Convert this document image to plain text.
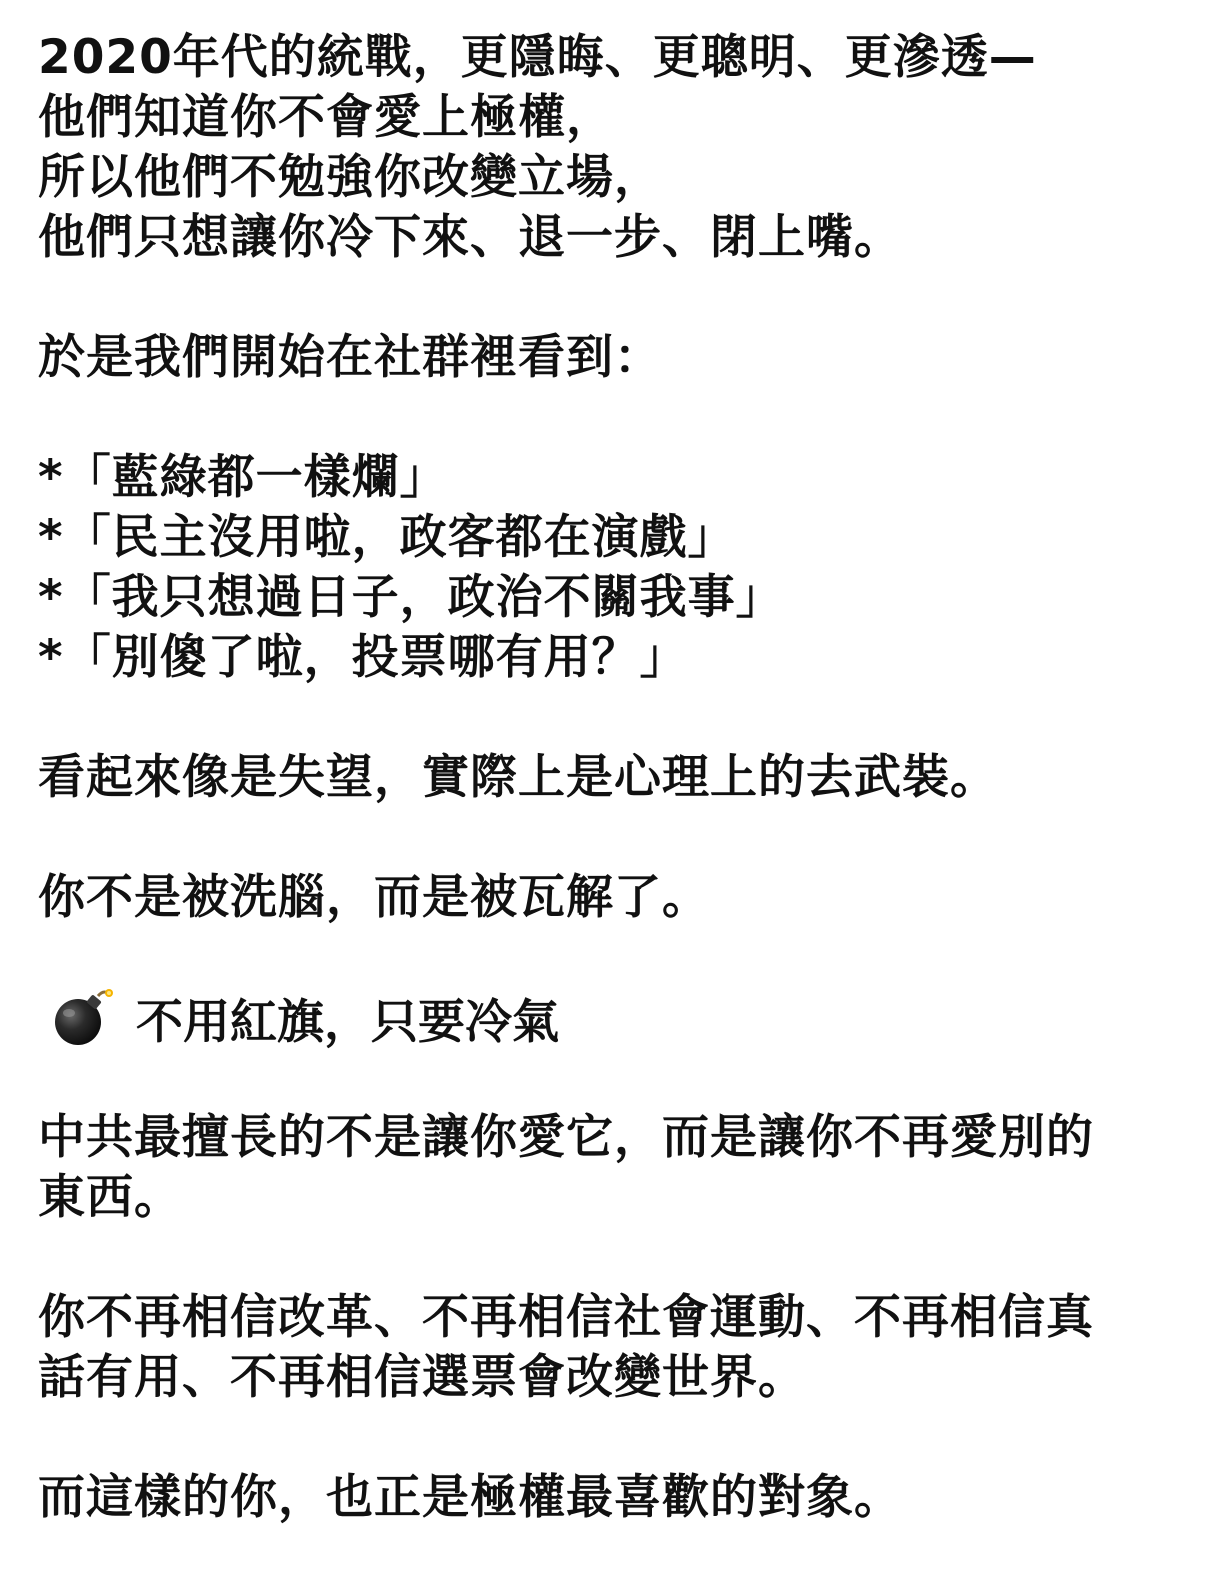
2020年代的統戰，更隱晦、更聰明、更滲透—
他們知道你不會愛上極權，
所以他們不勉強你改變立場，
他們只想讓你冷下來、退一步、閉上嘴。

於是我們開始在社群裡看到：

*「藍綠都一樣爛」
*「民主沒用啦，政客都在演戲」
*「我只想過日子，政治不關我事」
*「別傻了啦，投票哪有用？」

看起來像是失望，實際上是心理上的去武裝。

你不是被洗腦，而是被瓦解了。

不用紅旗，只要冷氣

中共最擅長的不是讓你愛它，而是讓你不再愛別的
東西。

你不再相信改革、不再相信社會運動、不再相信真
話有用、不再相信選票會改變世界。

而這樣的你，也正是極權最喜歡的對象。
